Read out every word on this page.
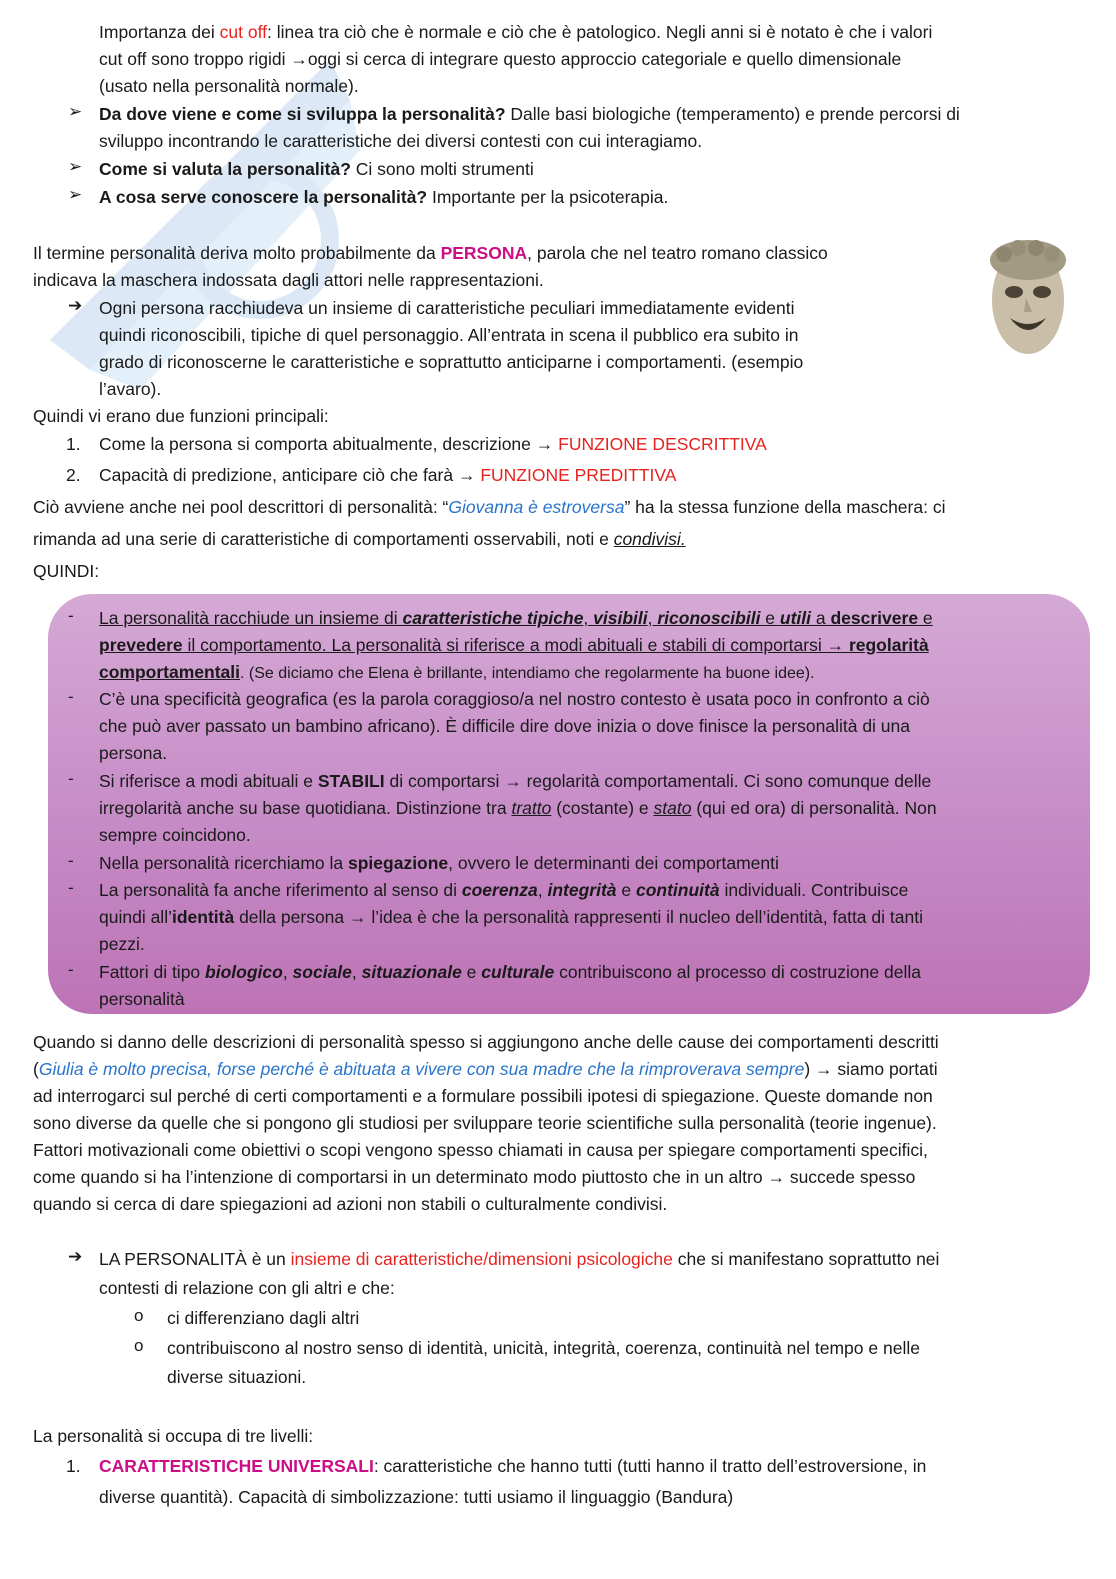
Importanza dei cut off: linea tra ciò che è normale e ciò che è patologico. Negli anni si è notato è che i valori
cut off sono troppo rigidi →oggi si cerca di integrare questo approccio categoriale e quello dimensionale
(usato nella personalità normale).
➢ Da dove viene e come si sviluppa la personalità? Dalle basi biologiche (temperamento) e prende percorsi di
sviluppo incontrando le caratteristiche dei diversi contesti con cui interagiamo.
➢ Come si valuta la personalità? Ci sono molti strumenti
➢ A cosa serve conoscere la personalità? Importante per la psicoterapia.
Il termine personalità deriva molto probabilmente da PERSONA, parola che nel teatro romano classico
indicava la maschera indossata dagli attori nelle rappresentazioni.
➔ Ogni persona racchiudeva un insieme di caratteristiche peculiari immediatamente evidenti
quindi riconoscibili, tipiche di quel personaggio. All’entrata in scena il pubblico era subito in
grado di riconoscerne le caratteristiche e soprattutto anticiparne i comportamenti. (esempio
l’avaro).
Quindi vi erano due funzioni principali:
1. Come la persona si comporta abitualmente, descrizione → FUNZIONE DESCRITTIVA
2. Capacità di predizione, anticipare ciò che farà → FUNZIONE PREDITTIVA
Ciò avviene anche nei pool descrittori di personalità: “Giovanna è estroversa” ha la stessa funzione della maschera: ci
rimanda ad una serie di caratteristiche di comportamenti osservabili, noti e condivisi.
QUINDI:
- La personalità racchiude un insieme di caratteristiche tipiche, visibili, riconoscibili e utili a descrivere e
prevedere il comportamento. La personalità si riferisce a modi abituali e stabili di comportarsi → regolarità
comportamentali. (Se diciamo che Elena è brillante, intendiamo che regolarmente ha buone idee).
- C’è una specificità geografica (es la parola coraggioso/a nel nostro contesto è usata poco in confronto a ciò
che può aver passato un bambino africano). È difficile dire dove inizia o dove finisce la personalità di una
persona.
- Si riferisce a modi abituali e STABILI di comportarsi → regolarità comportamentali. Ci sono comunque delle
irregolarità anche su base quotidiana. Distinzione tra tratto (costante) e stato (qui ed ora) di personalità. Non
sempre coincidono.
- Nella personalità ricerchiamo la spiegazione, ovvero le determinanti dei comportamenti
- La personalità fa anche riferimento al senso di coerenza, integrità e continuità individuali. Contribuisce
quindi all’identità della persona → l’idea è che la personalità rappresenti il nucleo dell’identità, fatta di tanti
pezzi.
- Fattori di tipo biologico, sociale, situazionale e culturale contribuiscono al processo di costruzione della
personalità
Quando si danno delle descrizioni di personalità spesso si aggiungono anche delle cause dei comportamenti descritti
(Giulia è molto precisa, forse perché è abituata a vivere con sua madre che la rimproverava sempre) → siamo portati
ad interrogarci sul perché di certi comportamenti e a formulare possibili ipotesi di spiegazione. Queste domande non
sono diverse da quelle che si pongono gli studiosi per sviluppare teorie scientifiche sulla personalità (teorie ingenue).
Fattori motivazionali come obiettivi o scopi vengono spesso chiamati in causa per spiegare comportamenti specifici,
come quando si ha l’intenzione di comportarsi in un determinato modo piuttosto che in un altro → succede spesso
quando si cerca di dare spiegazioni ad azioni non stabili o culturalmente condivisi.
➔ LA PERSONALITÀ è un insieme di caratteristiche/dimensioni psicologiche che si manifestano soprattutto nei
contesti di relazione con gli altri e che:
o ci differenziano dagli altri
o contribuiscono al nostro senso di identità, unicità, integrità, coerenza, continuità nel tempo e nelle
diverse situazioni.
La personalità si occupa di tre livelli:
1. CARATTERISTICHE UNIVERSALI: caratteristiche che hanno tutti (tutti hanno il tratto dell’estroversione, in
diverse quantità). Capacità di simbolizzazione: tutti usiamo il linguaggio (Bandura)
